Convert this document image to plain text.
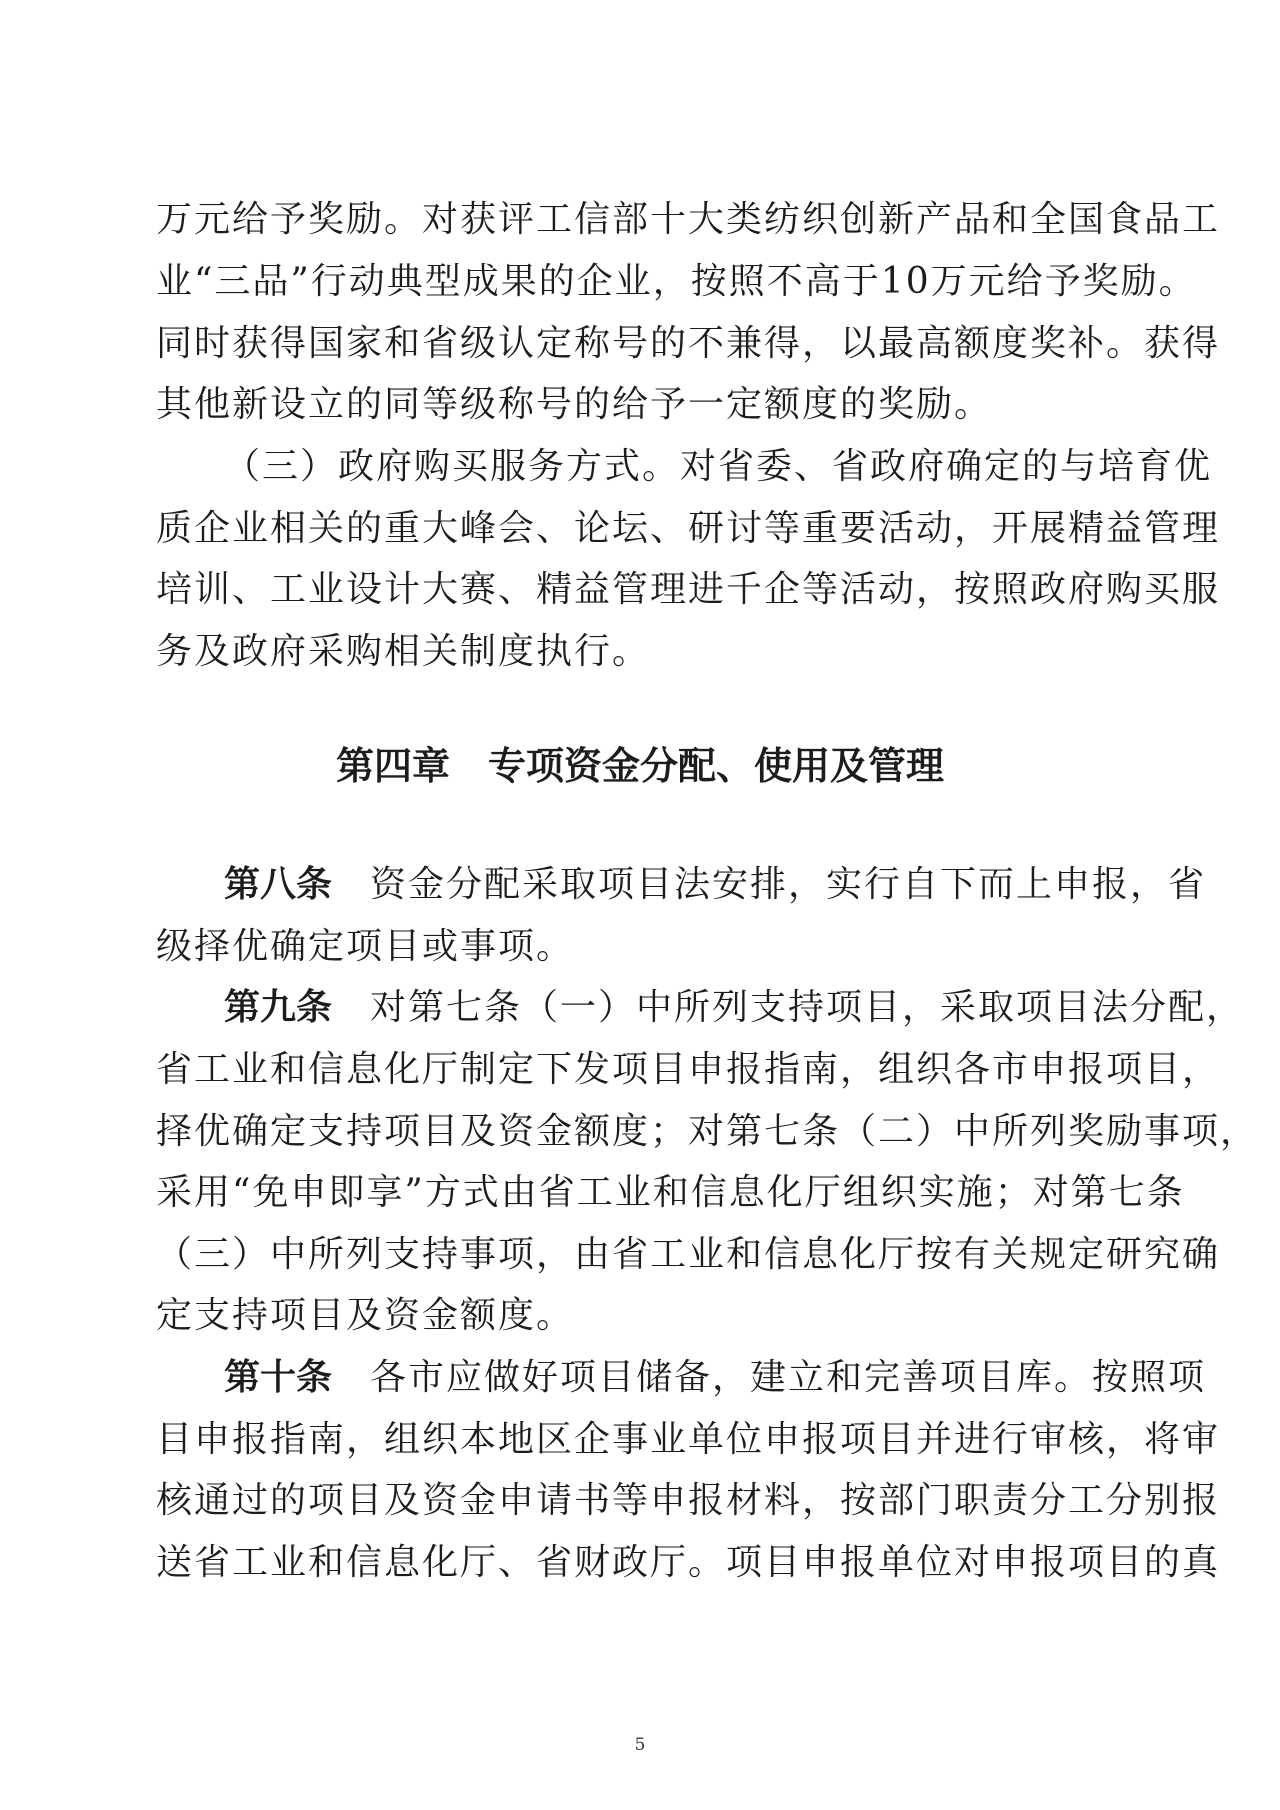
万元给予奖励。对获评工信部十大类纺织创新产品和全国食品工
业“三品”行动典型成果的企业，按照不高于10万元给予奖励。
同时获得国家和省级认定称号的不兼得，以最高额度奖补。获得
其他新设立的同等级称号的给予一定额度的奖励。
（三）政府购买服务方式。对省委、省政府确定的与培育优
质企业相关的重大峰会、论坛、研讨等重要活动，开展精益管理
培训、工业设计大赛、精益管理进千企等活动，按照政府购买服
务及政府采购相关制度执行。
第四章 专项资金分配、使用及管理
第八条 资金分配采取项目法安排，实行自下而上申报，省
级择优确定项目或事项。
第九条 对第七条（一）中所列支持项目，采取项目法分配，
省工业和信息化厅制定下发项目申报指南，组织各市申报项目，
择优确定支持项目及资金额度；对第七条（二）中所列奖励事项，
采用“免申即享”方式由省工业和信息化厅组织实施；对第七条
（三）中所列支持事项，由省工业和信息化厅按有关规定研究确
定支持项目及资金额度。
第十条 各市应做好项目储备，建立和完善项目库。按照项
目申报指南，组织本地区企事业单位申报项目并进行审核，将审
核通过的项目及资金申请书等申报材料，按部门职责分工分别报
送省工业和信息化厅、省财政厅。项目申报单位对申报项目的真
5
